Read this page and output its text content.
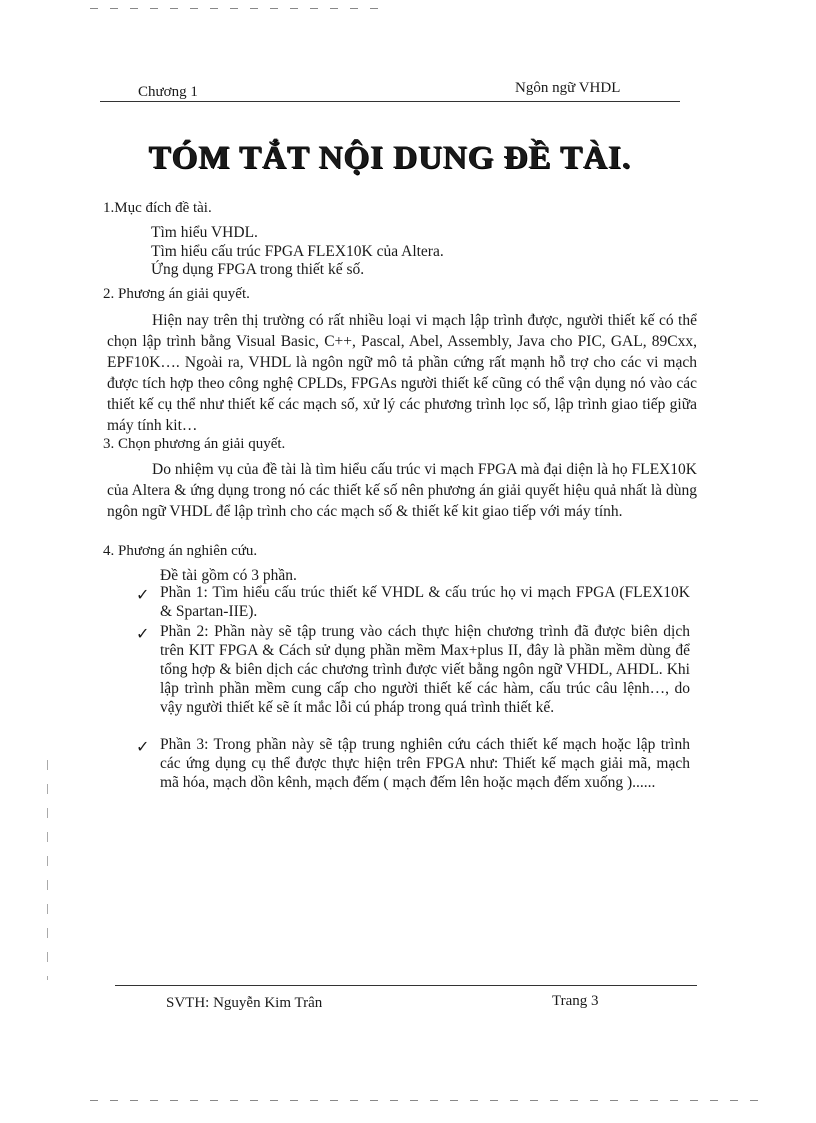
Chương 1	Ngôn ngữ VHDL
TÓM TẮT NỘI DUNG ĐỀ TÀI.
1.Mục đích đề tài.
Tìm hiểu VHDL.
Tìm hiểu cấu trúc FPGA FLEX10K của Altera.
Ứng dụng FPGA trong thiết kế số.
2. Phương án giải quyết.
Hiện nay trên thị trường có rất nhiều loại vi mạch lập trình được, người thiết kế có thể chọn lập trình bằng Visual Basic, C++, Pascal, Abel, Assembly, Java cho PIC, GAL, 89Cxx, EPF10K…. Ngoài ra, VHDL là ngôn ngữ mô tả phần cứng rất mạnh hỗ trợ cho các vi mạch được tích hợp theo công nghệ CPLDs, FPGAs người thiết kế cũng có thể vận dụng nó vào các thiết kế cụ thể như thiết kế các mạch số, xử lý các phương trình lọc số, lập trình giao tiếp giữa máy tính kit…
3. Chọn phương án giải quyết.
Do nhiệm vụ của đề tài là tìm hiểu cấu trúc vi mạch FPGA mà đại diện là họ FLEX10K của Altera & ứng dụng trong nó các thiết kế số nên phương án giải quyết hiệu quả nhất là dùng ngôn ngữ VHDL để lập trình cho các mạch số & thiết kế kit giao tiếp với máy tính.
4. Phương án nghiên cứu.
Đề tài gồm có 3 phần.
✓ Phần 1: Tìm hiểu cấu trúc thiết kế VHDL & cấu trúc họ vi mạch FPGA (FLEX10K & Spartan-IIE).
✓ Phần 2: Phần này sẽ tập trung vào cách thực hiện chương trình đã được biên dịch trên KIT FPGA & Cách sử dụng phần mềm Max+plus II, đây là phần mềm dùng để tổng hợp & biên dịch các chương trình được viết bằng ngôn ngữ VHDL, AHDL. Khi lập trình phần mềm cung cấp cho người thiết kế các hàm, cấu trúc câu lệnh…, do vậy người thiết kế sẽ ít mắc lỗi cú pháp trong quá trình thiết kế.
✓ Phần 3: Trong phần này sẽ tập trung nghiên cứu cách thiết kế mạch hoặc lập trình các ứng dụng cụ thể được thực hiện trên FPGA như: Thiết kế mạch giải mã, mạch mã hóa, mạch dồn kênh, mạch đếm ( mạch đếm lên hoặc mạch đếm xuống )......
SVTH: Nguyễn Kim Trân	Trang 3
